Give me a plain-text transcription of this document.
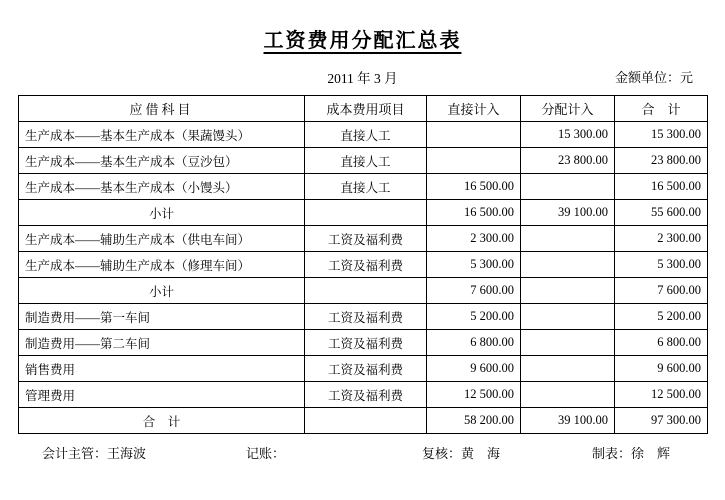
工资费用分配汇总表
2011 年 3 月	金额单位：元
应借科目	成本费用项目	直接计入	分配计入	合　计
生产成本——基本生产成本（果蔬馒头）	直接人工		15 300.00	15 300.00
生产成本——基本生产成本（豆沙包）	直接人工		23 800.00	23 800.00
生产成本——基本生产成本（小馒头）	直接人工	16 500.00		16 500.00
小计		16 500.00	39 100.00	55 600.00
生产成本——辅助生产成本（供电车间）	工资及福利费	2 300.00		2 300.00
生产成本——辅助生产成本（修理车间）	工资及福利费	5 300.00		5 300.00
小计		7 600.00		7 600.00
制造费用——第一车间	工资及福利费	5 200.00		5 200.00
制造费用——第二车间	工资及福利费	6 800.00		6 800.00
销售费用	工资及福利费	9 600.00		9 600.00
管理费用	工资及福利费	12 500.00		12 500.00
合　计		58 200.00	39 100.00	97 300.00
会计主管：王海波	记账：	复核：黄　海	制表：徐　辉
